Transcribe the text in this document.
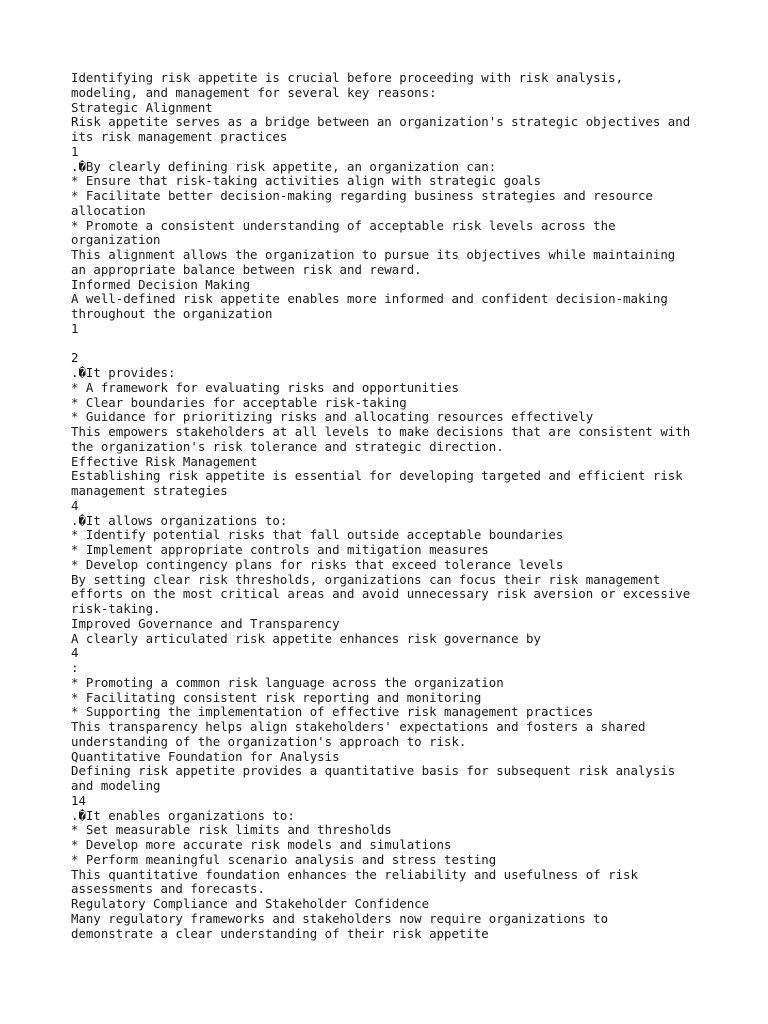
Identifying risk appetite is crucial before proceeding with risk analysis,
modeling, and management for several key reasons:
Strategic Alignment
Risk appetite serves as a bridge between an organization's strategic objectives and
its risk management practices
1
.�By clearly defining risk appetite, an organization can:
* Ensure that risk-taking activities align with strategic goals
* Facilitate better decision-making regarding business strategies and resource
allocation
* Promote a consistent understanding of acceptable risk levels across the
organization
This alignment allows the organization to pursue its objectives while maintaining
an appropriate balance between risk and reward.
Informed Decision Making
A well-defined risk appetite enables more informed and confident decision-making
throughout the organization
1
2
.�It provides:
* A framework for evaluating risks and opportunities
* Clear boundaries for acceptable risk-taking
* Guidance for prioritizing risks and allocating resources effectively
This empowers stakeholders at all levels to make decisions that are consistent with
the organization's risk tolerance and strategic direction.
Effective Risk Management
Establishing risk appetite is essential for developing targeted and efficient risk
management strategies
4
.�It allows organizations to:
* Identify potential risks that fall outside acceptable boundaries
* Implement appropriate controls and mitigation measures
* Develop contingency plans for risks that exceed tolerance levels
By setting clear risk thresholds, organizations can focus their risk management
efforts on the most critical areas and avoid unnecessary risk aversion or excessive
risk-taking.
Improved Governance and Transparency
A clearly articulated risk appetite enhances risk governance by
4
:
* Promoting a common risk language across the organization
* Facilitating consistent risk reporting and monitoring
* Supporting the implementation of effective risk management practices
This transparency helps align stakeholders' expectations and fosters a shared
understanding of the organization's approach to risk.
Quantitative Foundation for Analysis
Defining risk appetite provides a quantitative basis for subsequent risk analysis
and modeling
14
.�It enables organizations to:
* Set measurable risk limits and thresholds
* Develop more accurate risk models and simulations
* Perform meaningful scenario analysis and stress testing
This quantitative foundation enhances the reliability and usefulness of risk
assessments and forecasts.
Regulatory Compliance and Stakeholder Confidence
Many regulatory frameworks and stakeholders now require organizations to
demonstrate a clear understanding of their risk appetite
